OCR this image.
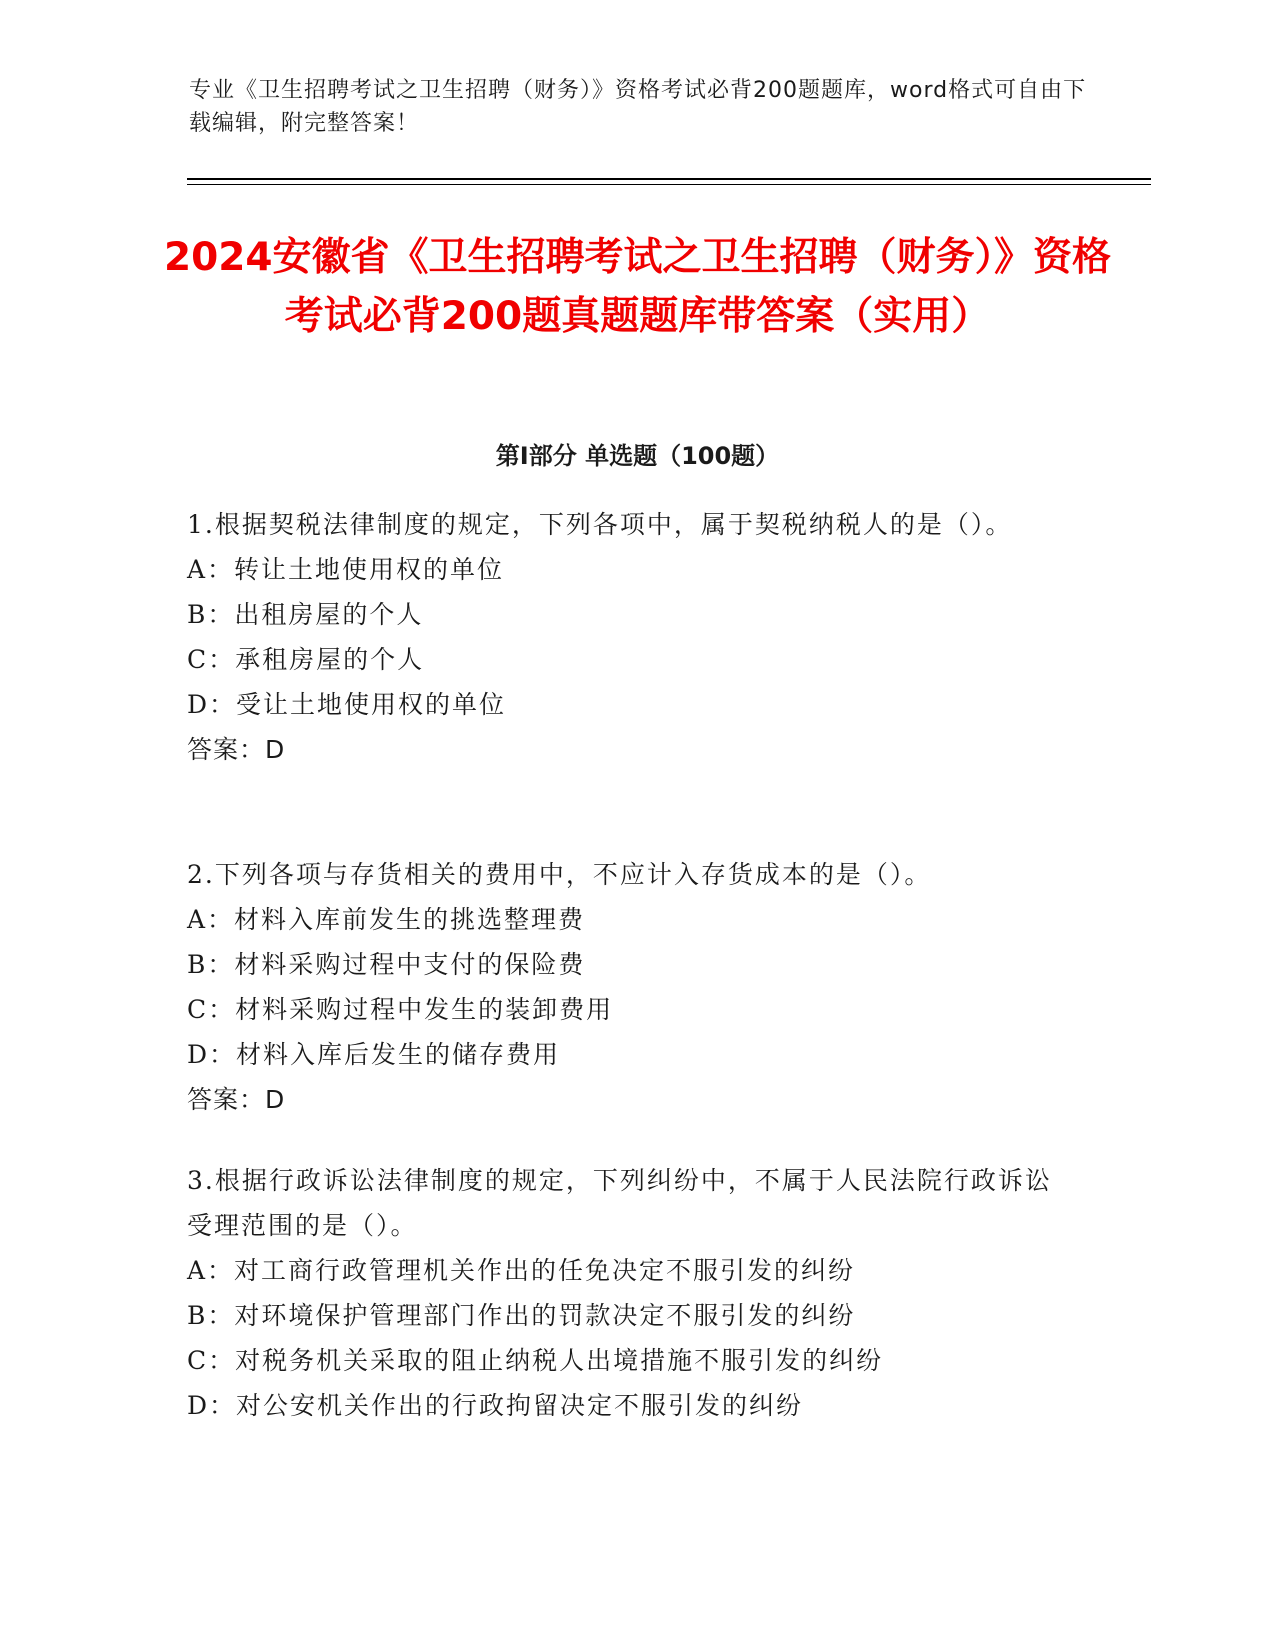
专业《卫生招聘考试之卫生招聘（财务）》资格考试必背200题题库，word格式可自由下载编辑，附完整答案！
2024安徽省《卫生招聘考试之卫生招聘（财务）》资格考试必背200题真题题库带答案（实用）
第I部分 单选题（100题）
1.根据契税法律制度的规定，下列各项中，属于契税纳税人的是（）。
A：转让土地使用权的单位
B：出租房屋的个人
C：承租房屋的个人
D：受让土地使用权的单位
答案：D
2.下列各项与存货相关的费用中，不应计入存货成本的是（）。
A：材料入库前发生的挑选整理费
B：材料采购过程中支付的保险费
C：材料采购过程中发生的装卸费用
D：材料入库后发生的储存费用
答案：D
3.根据行政诉讼法律制度的规定，下列纠纷中，不属于人民法院行政诉讼受理范围的是（）。
A：对工商行政管理机关作出的任免决定不服引发的纠纷
B：对环境保护管理部门作出的罚款决定不服引发的纠纷
C：对税务机关采取的阻止纳税人出境措施不服引发的纠纷
D：对公安机关作出的行政拘留决定不服引发的纠纷
